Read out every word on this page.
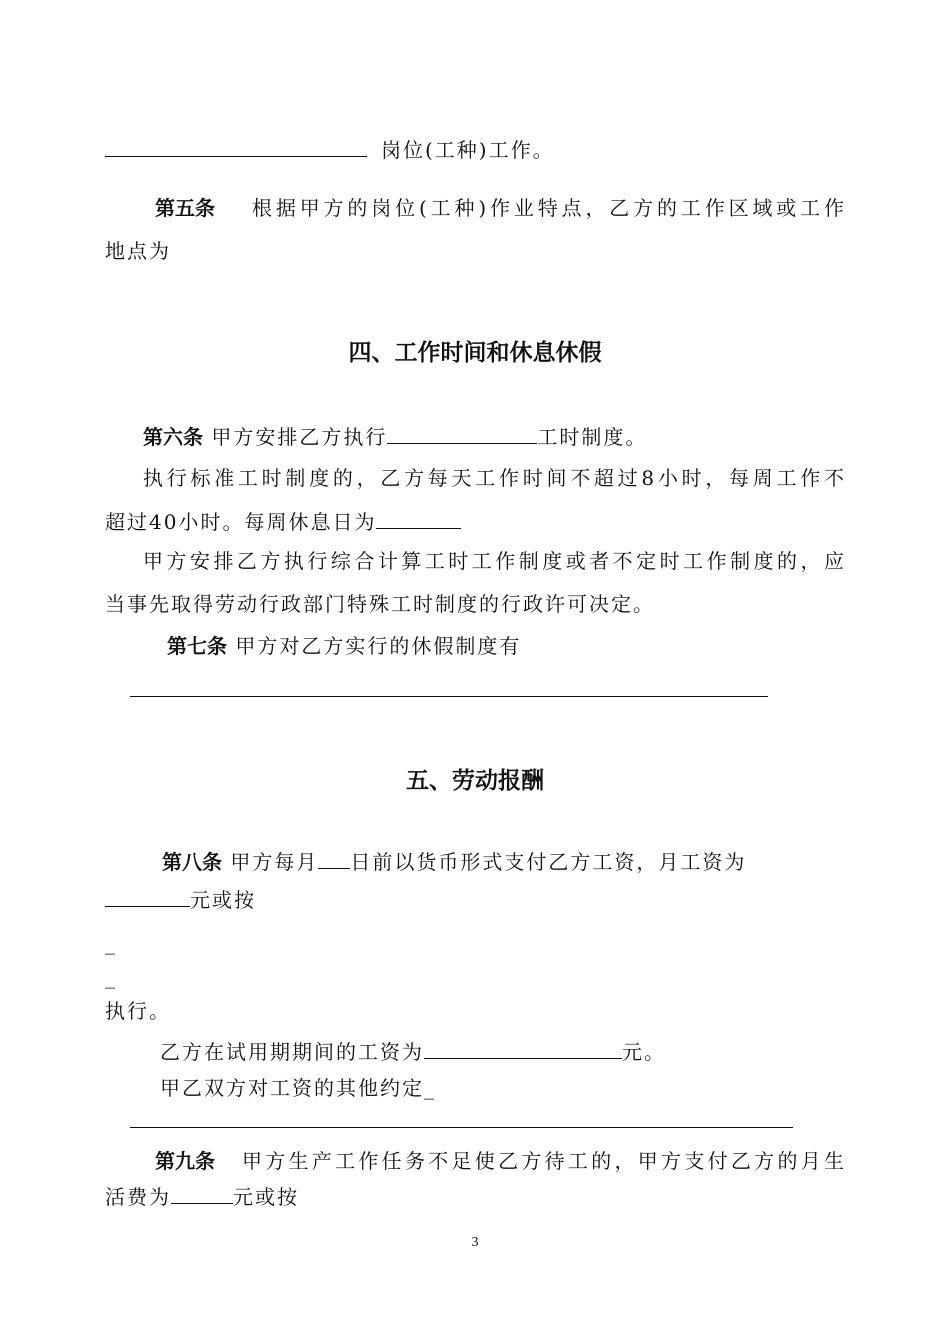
岗位(工种)工作。
第五条 根据甲方的岗位(工种)作业特点，乙方的工作区域或工作
地点为
四、工作时间和休息休假
第六条 甲方安排乙方执行	工时制度。
执行标准工时制度的，乙方每天工作时间不超过8小时，每周工作不
超过40小时。每周休息日为
甲方安排乙方执行综合计算工时工作制度或者不定时工作制度的，应
当事先取得劳动行政部门特殊工时制度的行政许可决定。
第七条 甲方对乙方实行的休假制度有
五、劳动报酬
第八条 甲方每月 日前以货币形式支付乙方工资，月工资为
元或按
_
_
执行。
乙方在试用期期间的工资为	元。
甲乙双方对工资的其他约定_
第九条 甲方生产工作任务不足使乙方待工的，甲方支付乙方的月生
活费为	元或按
3
